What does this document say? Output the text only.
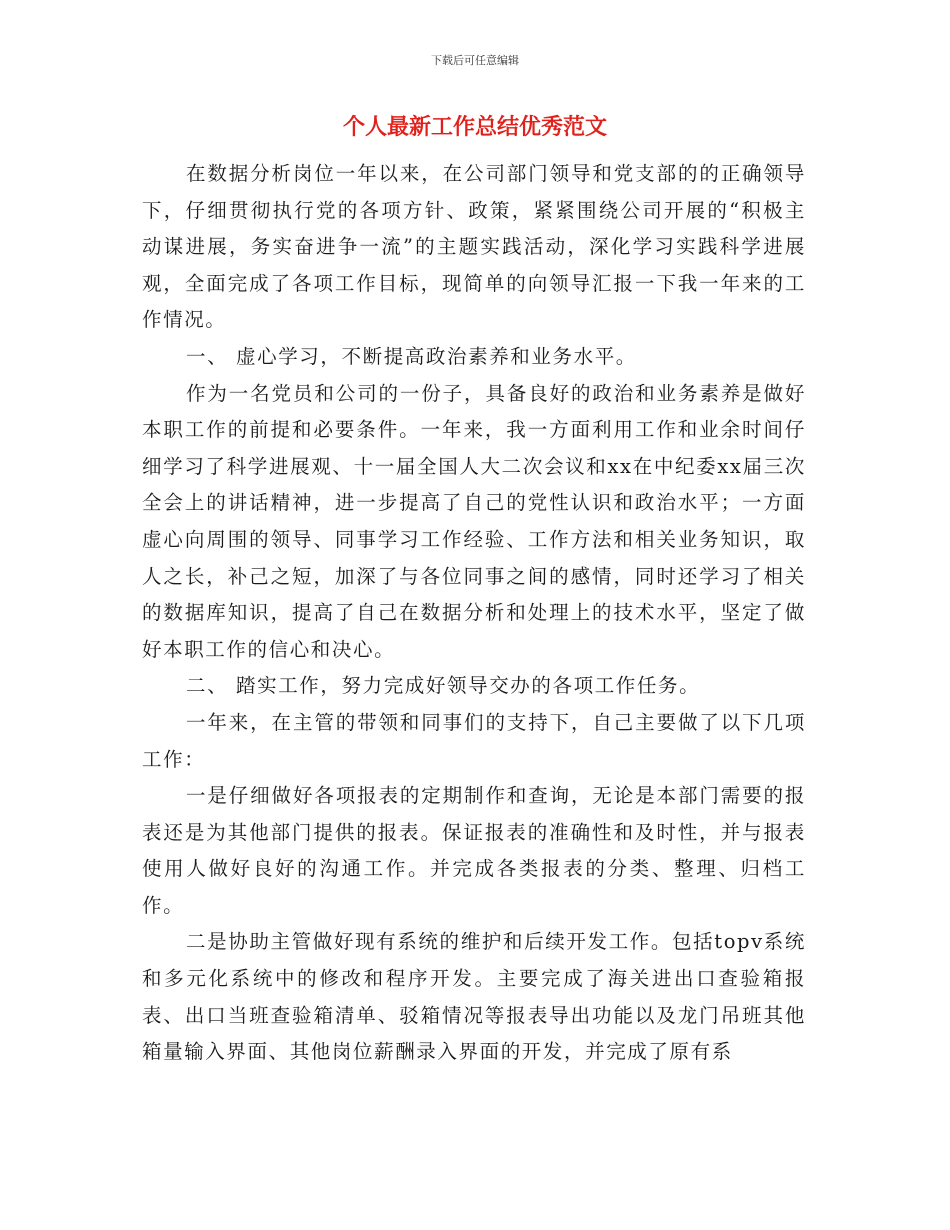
下载后可任意编辑
个人最新工作总结优秀范文

在数据分析岗位一年以来，在公司部门领导和党支部的的正确领导下，仔细贯彻执行党的各项方针、政策，紧紧围绕公司开展的“积极主动谋进展，务实奋进争一流”的主题实践活动，深化学习实践科学进展观，全面完成了各项工作目标，现简单的向领导汇报一下我一年来的工作情况。

一、 虚心学习，不断提高政治素养和业务水平。

作为一名党员和公司的一份子，具备良好的政治和业务素养是做好本职工作的前提和必要条件。一年来，我一方面利用工作和业余时间仔细学习了科学进展观、十一届全国人大二次会议和xx在中纪委xx届三次全会上的讲话精神，进一步提高了自己的党性认识和政治水平；一方面虚心向周围的领导、同事学习工作经验、工作方法和相关业务知识，取人之长，补己之短，加深了与各位同事之间的感情，同时还学习了相关的数据库知识，提高了自己在数据分析和处理上的技术水平，坚定了做好本职工作的信心和决心。

二、 踏实工作，努力完成好领导交办的各项工作任务。

一年来，在主管的带领和同事们的支持下，自己主要做了以下几项工作：

一是仔细做好各项报表的定期制作和查询，无论是本部门需要的报表还是为其他部门提供的报表。保证报表的准确性和及时性，并与报表使用人做好良好的沟通工作。并完成各类报表的分类、整理、归档工作。

二是协助主管做好现有系统的维护和后续开发工作。包括topv系统和多元化系统中的修改和程序开发。主要完成了海关进出口查验箱报表、出口当班查验箱清单、驳箱情况等报表导出功能以及龙门吊班其他箱量输入界面、其他岗位薪酬录入界面的开发，并完成了原有系
